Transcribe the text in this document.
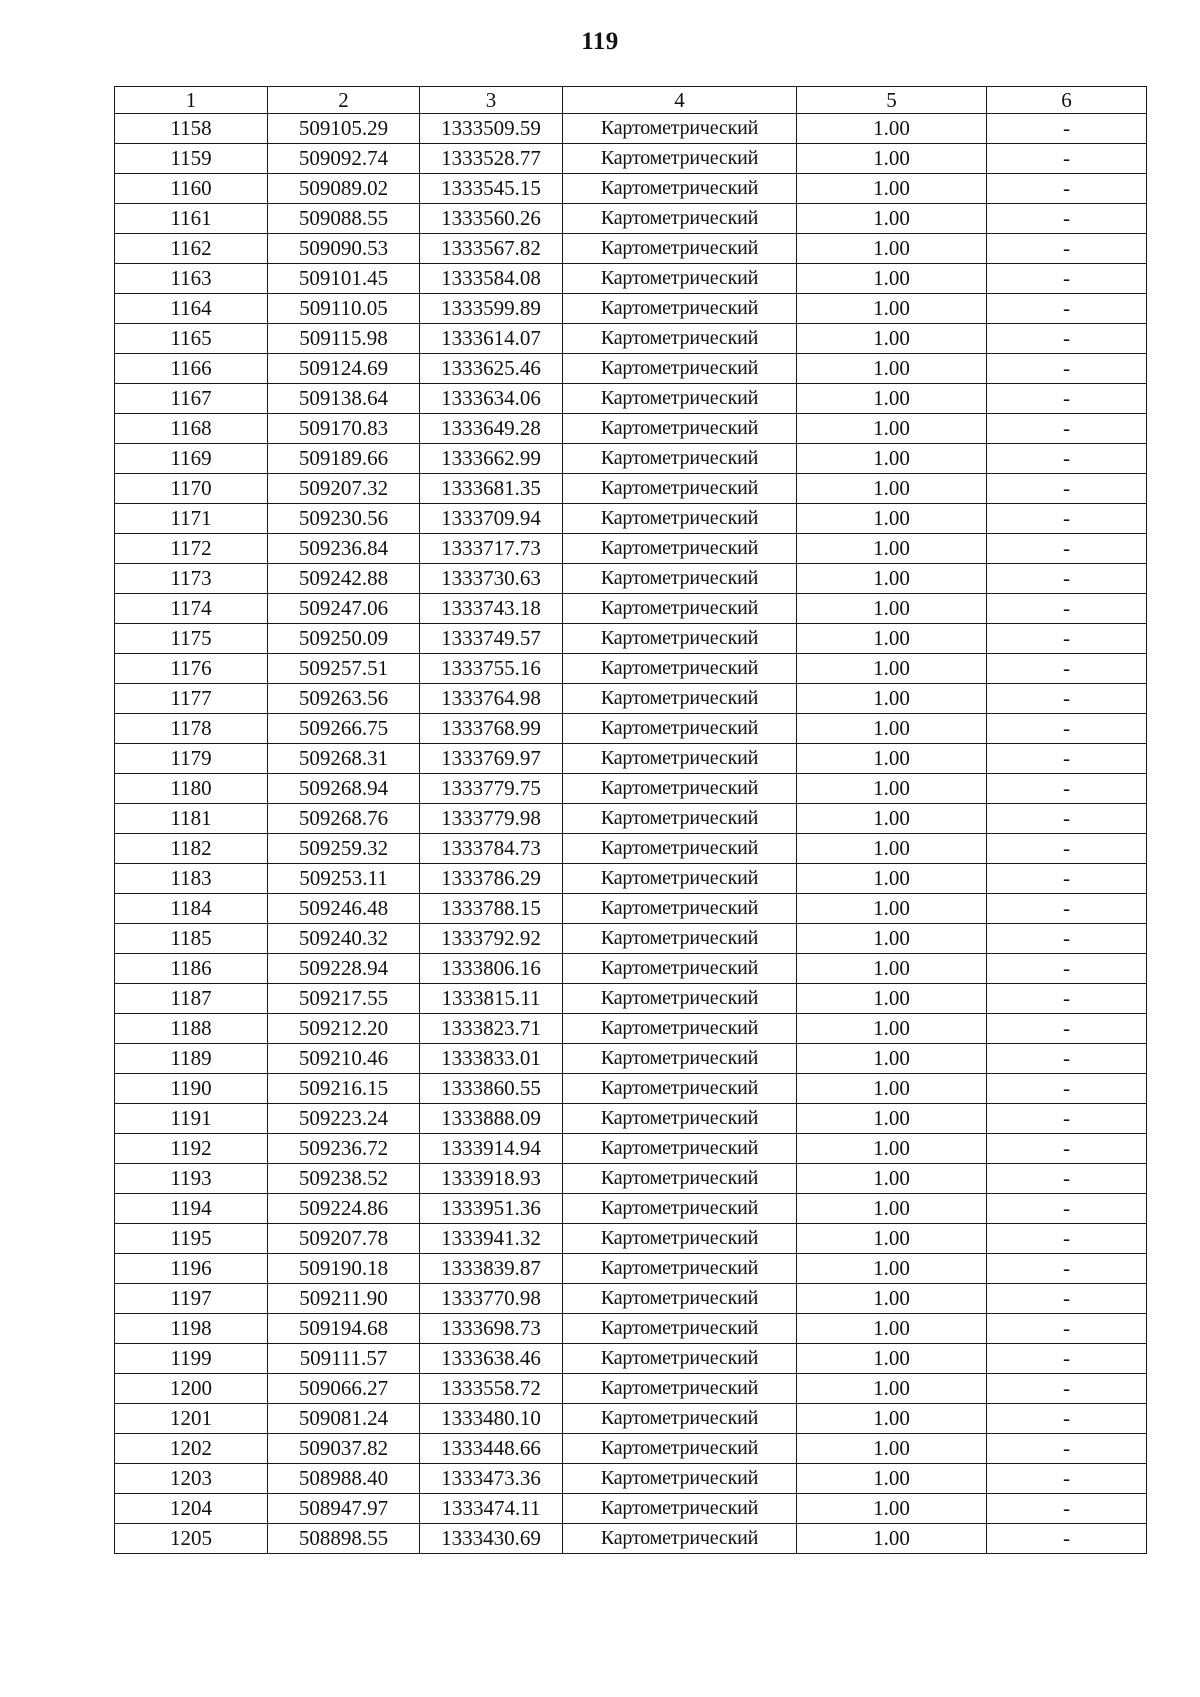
119
1	2	3	4	5	6
1158	509105.29	1333509.59	Картометрический	1.00	-
1159	509092.74	1333528.77	Картометрический	1.00	-
1160	509089.02	1333545.15	Картометрический	1.00	-
1161	509088.55	1333560.26	Картометрический	1.00	-
1162	509090.53	1333567.82	Картометрический	1.00	-
1163	509101.45	1333584.08	Картометрический	1.00	-
1164	509110.05	1333599.89	Картометрический	1.00	-
1165	509115.98	1333614.07	Картометрический	1.00	-
1166	509124.69	1333625.46	Картометрический	1.00	-
1167	509138.64	1333634.06	Картометрический	1.00	-
1168	509170.83	1333649.28	Картометрический	1.00	-
1169	509189.66	1333662.99	Картометрический	1.00	-
1170	509207.32	1333681.35	Картометрический	1.00	-
1171	509230.56	1333709.94	Картометрический	1.00	-
1172	509236.84	1333717.73	Картометрический	1.00	-
1173	509242.88	1333730.63	Картометрический	1.00	-
1174	509247.06	1333743.18	Картометрический	1.00	-
1175	509250.09	1333749.57	Картометрический	1.00	-
1176	509257.51	1333755.16	Картометрический	1.00	-
1177	509263.56	1333764.98	Картометрический	1.00	-
1178	509266.75	1333768.99	Картометрический	1.00	-
1179	509268.31	1333769.97	Картометрический	1.00	-
1180	509268.94	1333779.75	Картометрический	1.00	-
1181	509268.76	1333779.98	Картометрический	1.00	-
1182	509259.32	1333784.73	Картометрический	1.00	-
1183	509253.11	1333786.29	Картометрический	1.00	-
1184	509246.48	1333788.15	Картометрический	1.00	-
1185	509240.32	1333792.92	Картометрический	1.00	-
1186	509228.94	1333806.16	Картометрический	1.00	-
1187	509217.55	1333815.11	Картометрический	1.00	-
1188	509212.20	1333823.71	Картометрический	1.00	-
1189	509210.46	1333833.01	Картометрический	1.00	-
1190	509216.15	1333860.55	Картометрический	1.00	-
1191	509223.24	1333888.09	Картометрический	1.00	-
1192	509236.72	1333914.94	Картометрический	1.00	-
1193	509238.52	1333918.93	Картометрический	1.00	-
1194	509224.86	1333951.36	Картометрический	1.00	-
1195	509207.78	1333941.32	Картометрический	1.00	-
1196	509190.18	1333839.87	Картометрический	1.00	-
1197	509211.90	1333770.98	Картометрический	1.00	-
1198	509194.68	1333698.73	Картометрический	1.00	-
1199	509111.57	1333638.46	Картометрический	1.00	-
1200	509066.27	1333558.72	Картометрический	1.00	-
1201	509081.24	1333480.10	Картометрический	1.00	-
1202	509037.82	1333448.66	Картометрический	1.00	-
1203	508988.40	1333473.36	Картометрический	1.00	-
1204	508947.97	1333474.11	Картометрический	1.00	-
1205	508898.55	1333430.69	Картометрический	1.00	-
